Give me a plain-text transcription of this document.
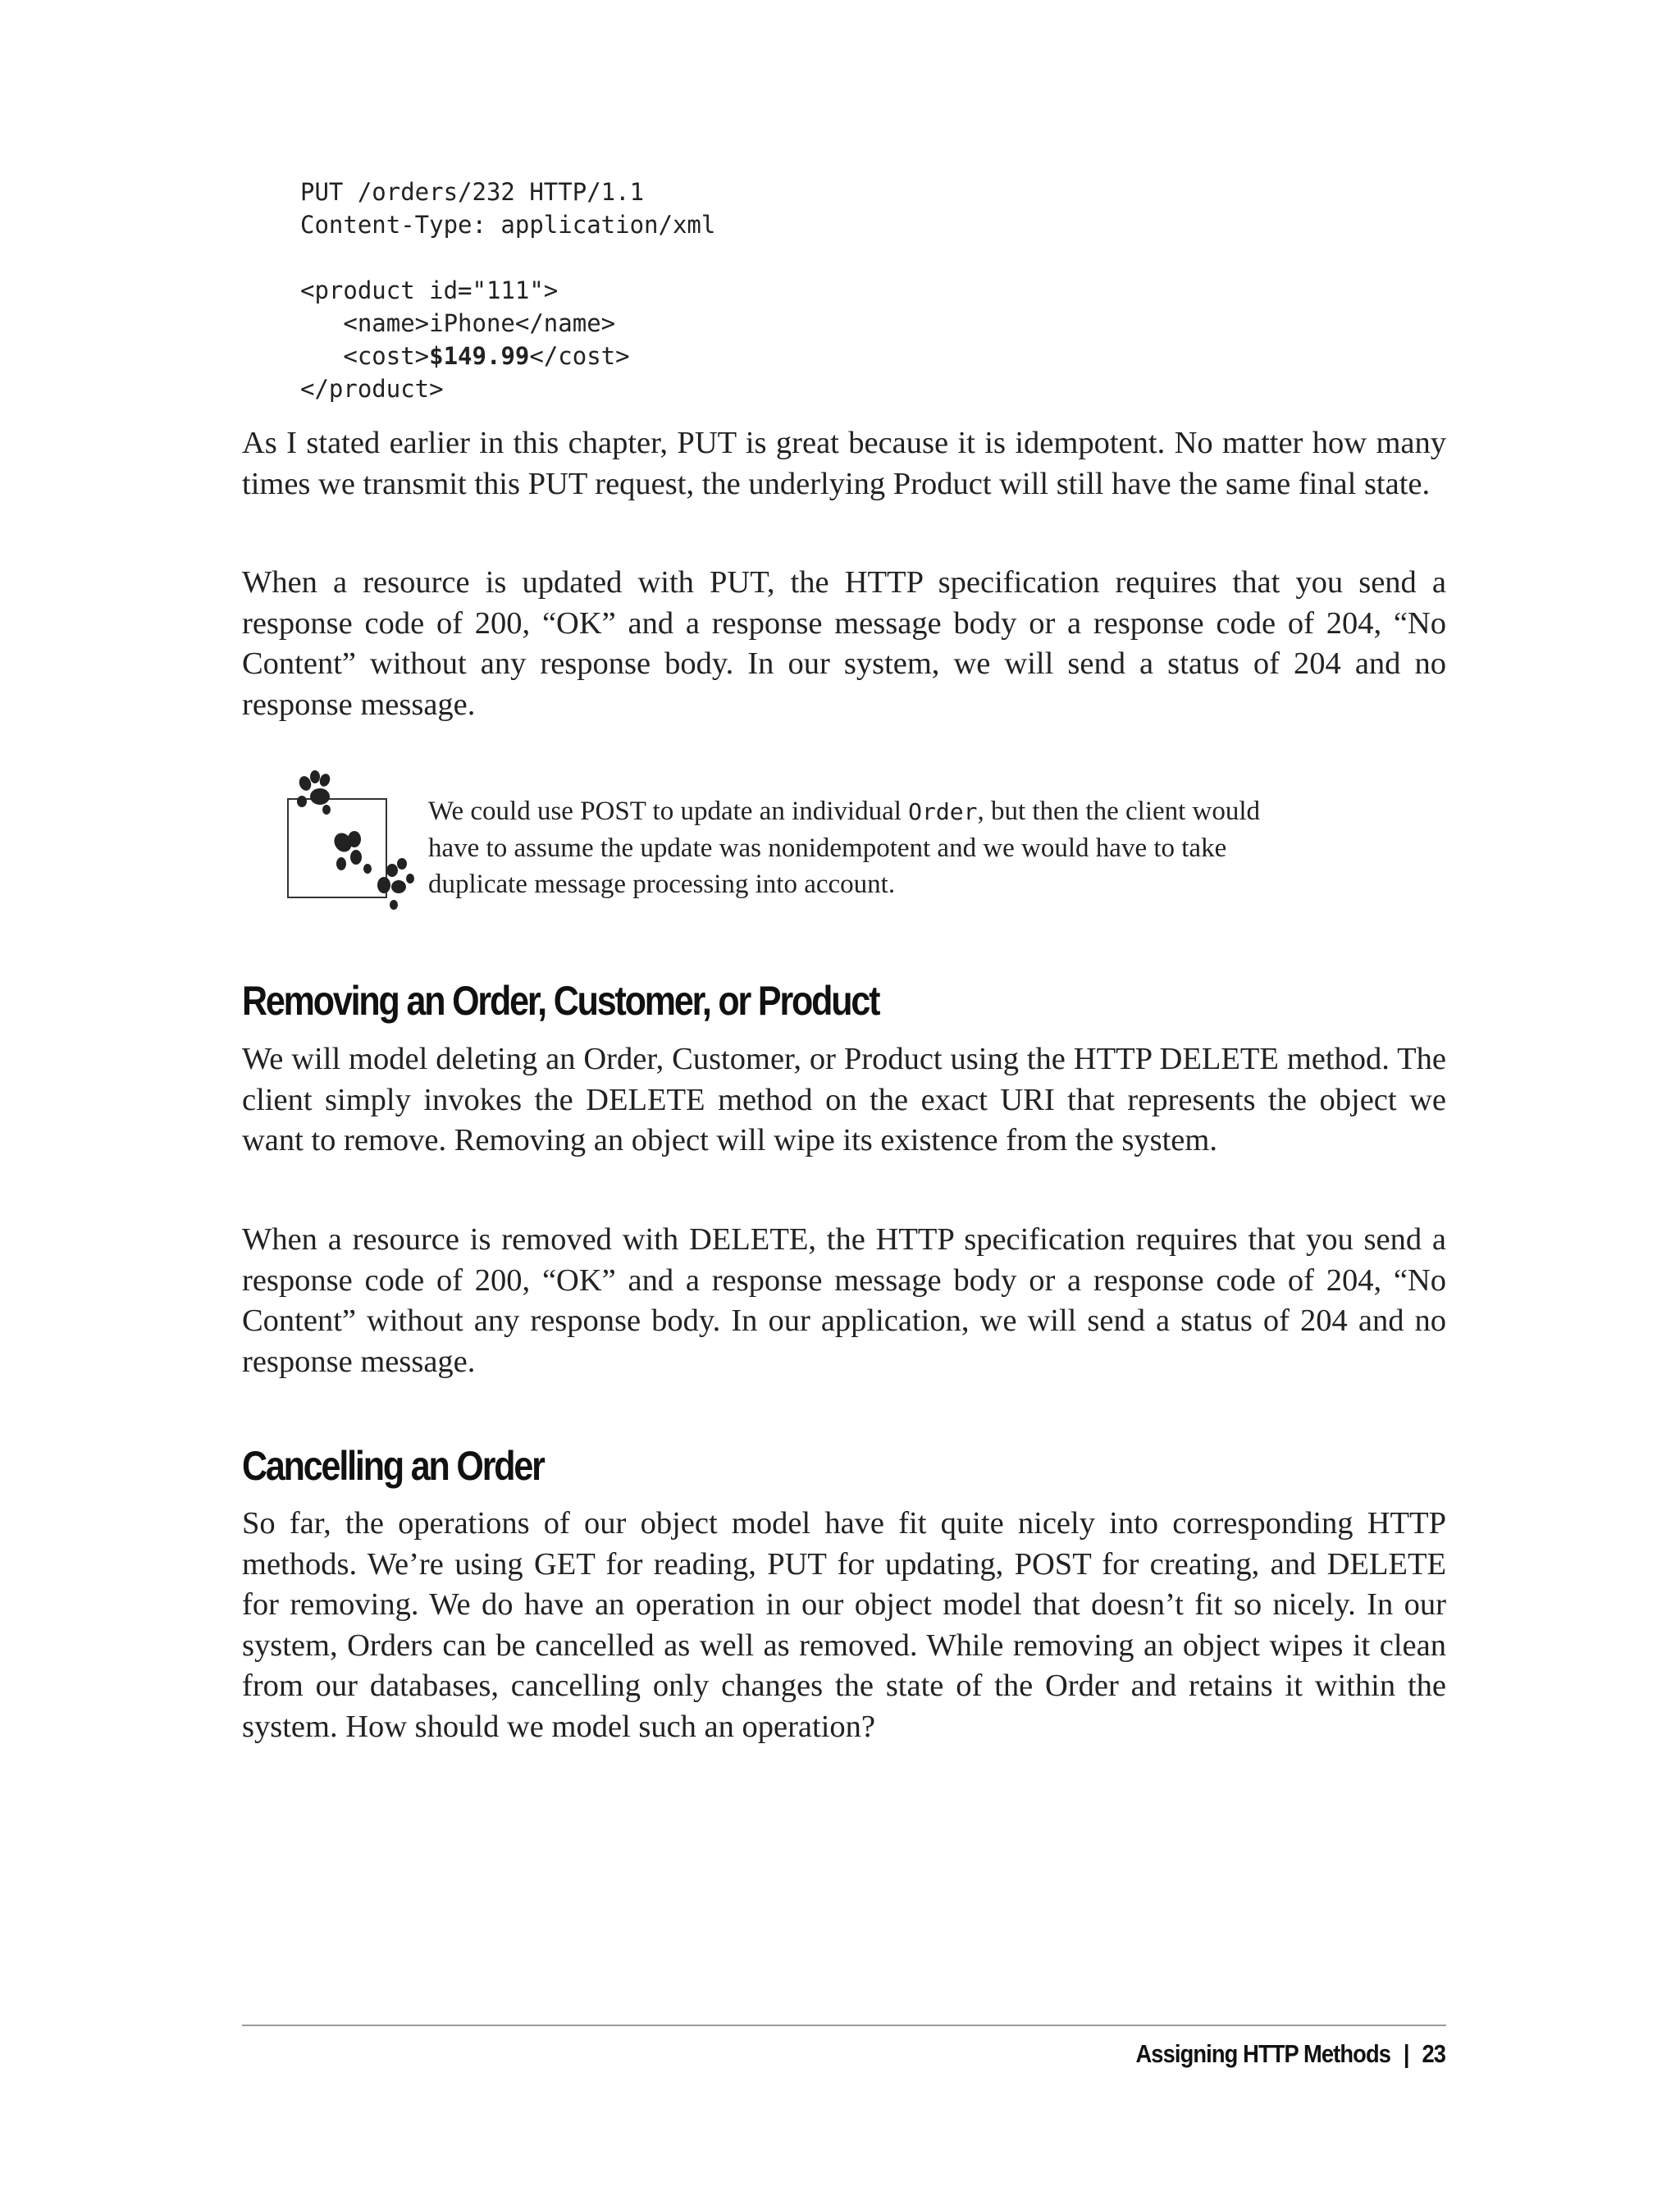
PUT /orders/232 HTTP/1.1
Content-Type: application/xml
<product id="111">
<name>iPhone</name>
<cost>$149.99</cost>
</product>

As I stated earlier in this chapter, PUT is great because it is idempotent. No matter how many times we transmit this PUT request, the underlying Product will still have the same final state.

When a resource is updated with PUT, the HTTP specification requires that you send a response code of 200, “OK” and a response message body or a response code of 204, “No Content” without any response body. In our system, we will send a status of 204 and no response message.

We could use POST to update an individual Order, but then the client would have to assume the update was nonidempotent and we would have to take duplicate message processing into account.

Removing an Order, Customer, or Product

We will model deleting an Order, Customer, or Product using the HTTP DELETE method. The client simply invokes the DELETE method on the exact URI that represents the object we want to remove. Removing an object will wipe its existence from the system.

When a resource is removed with DELETE, the HTTP specification requires that you send a response code of 200, “OK” and a response message body or a response code of 204, “No Content” without any response body. In our application, we will send a status of 204 and no response message.

Cancelling an Order

So far, the operations of our object model have fit quite nicely into corresponding HTTP methods. We’re using GET for reading, PUT for updating, POST for creating, and DELETE for removing. We do have an operation in our object model that doesn’t fit so nicely. In our system, Orders can be cancelled as well as removed. While removing an object wipes it clean from our databases, cancelling only changes the state of the Order and retains it within the system. How should we model such an operation?

Assigning HTTP Methods | 23
